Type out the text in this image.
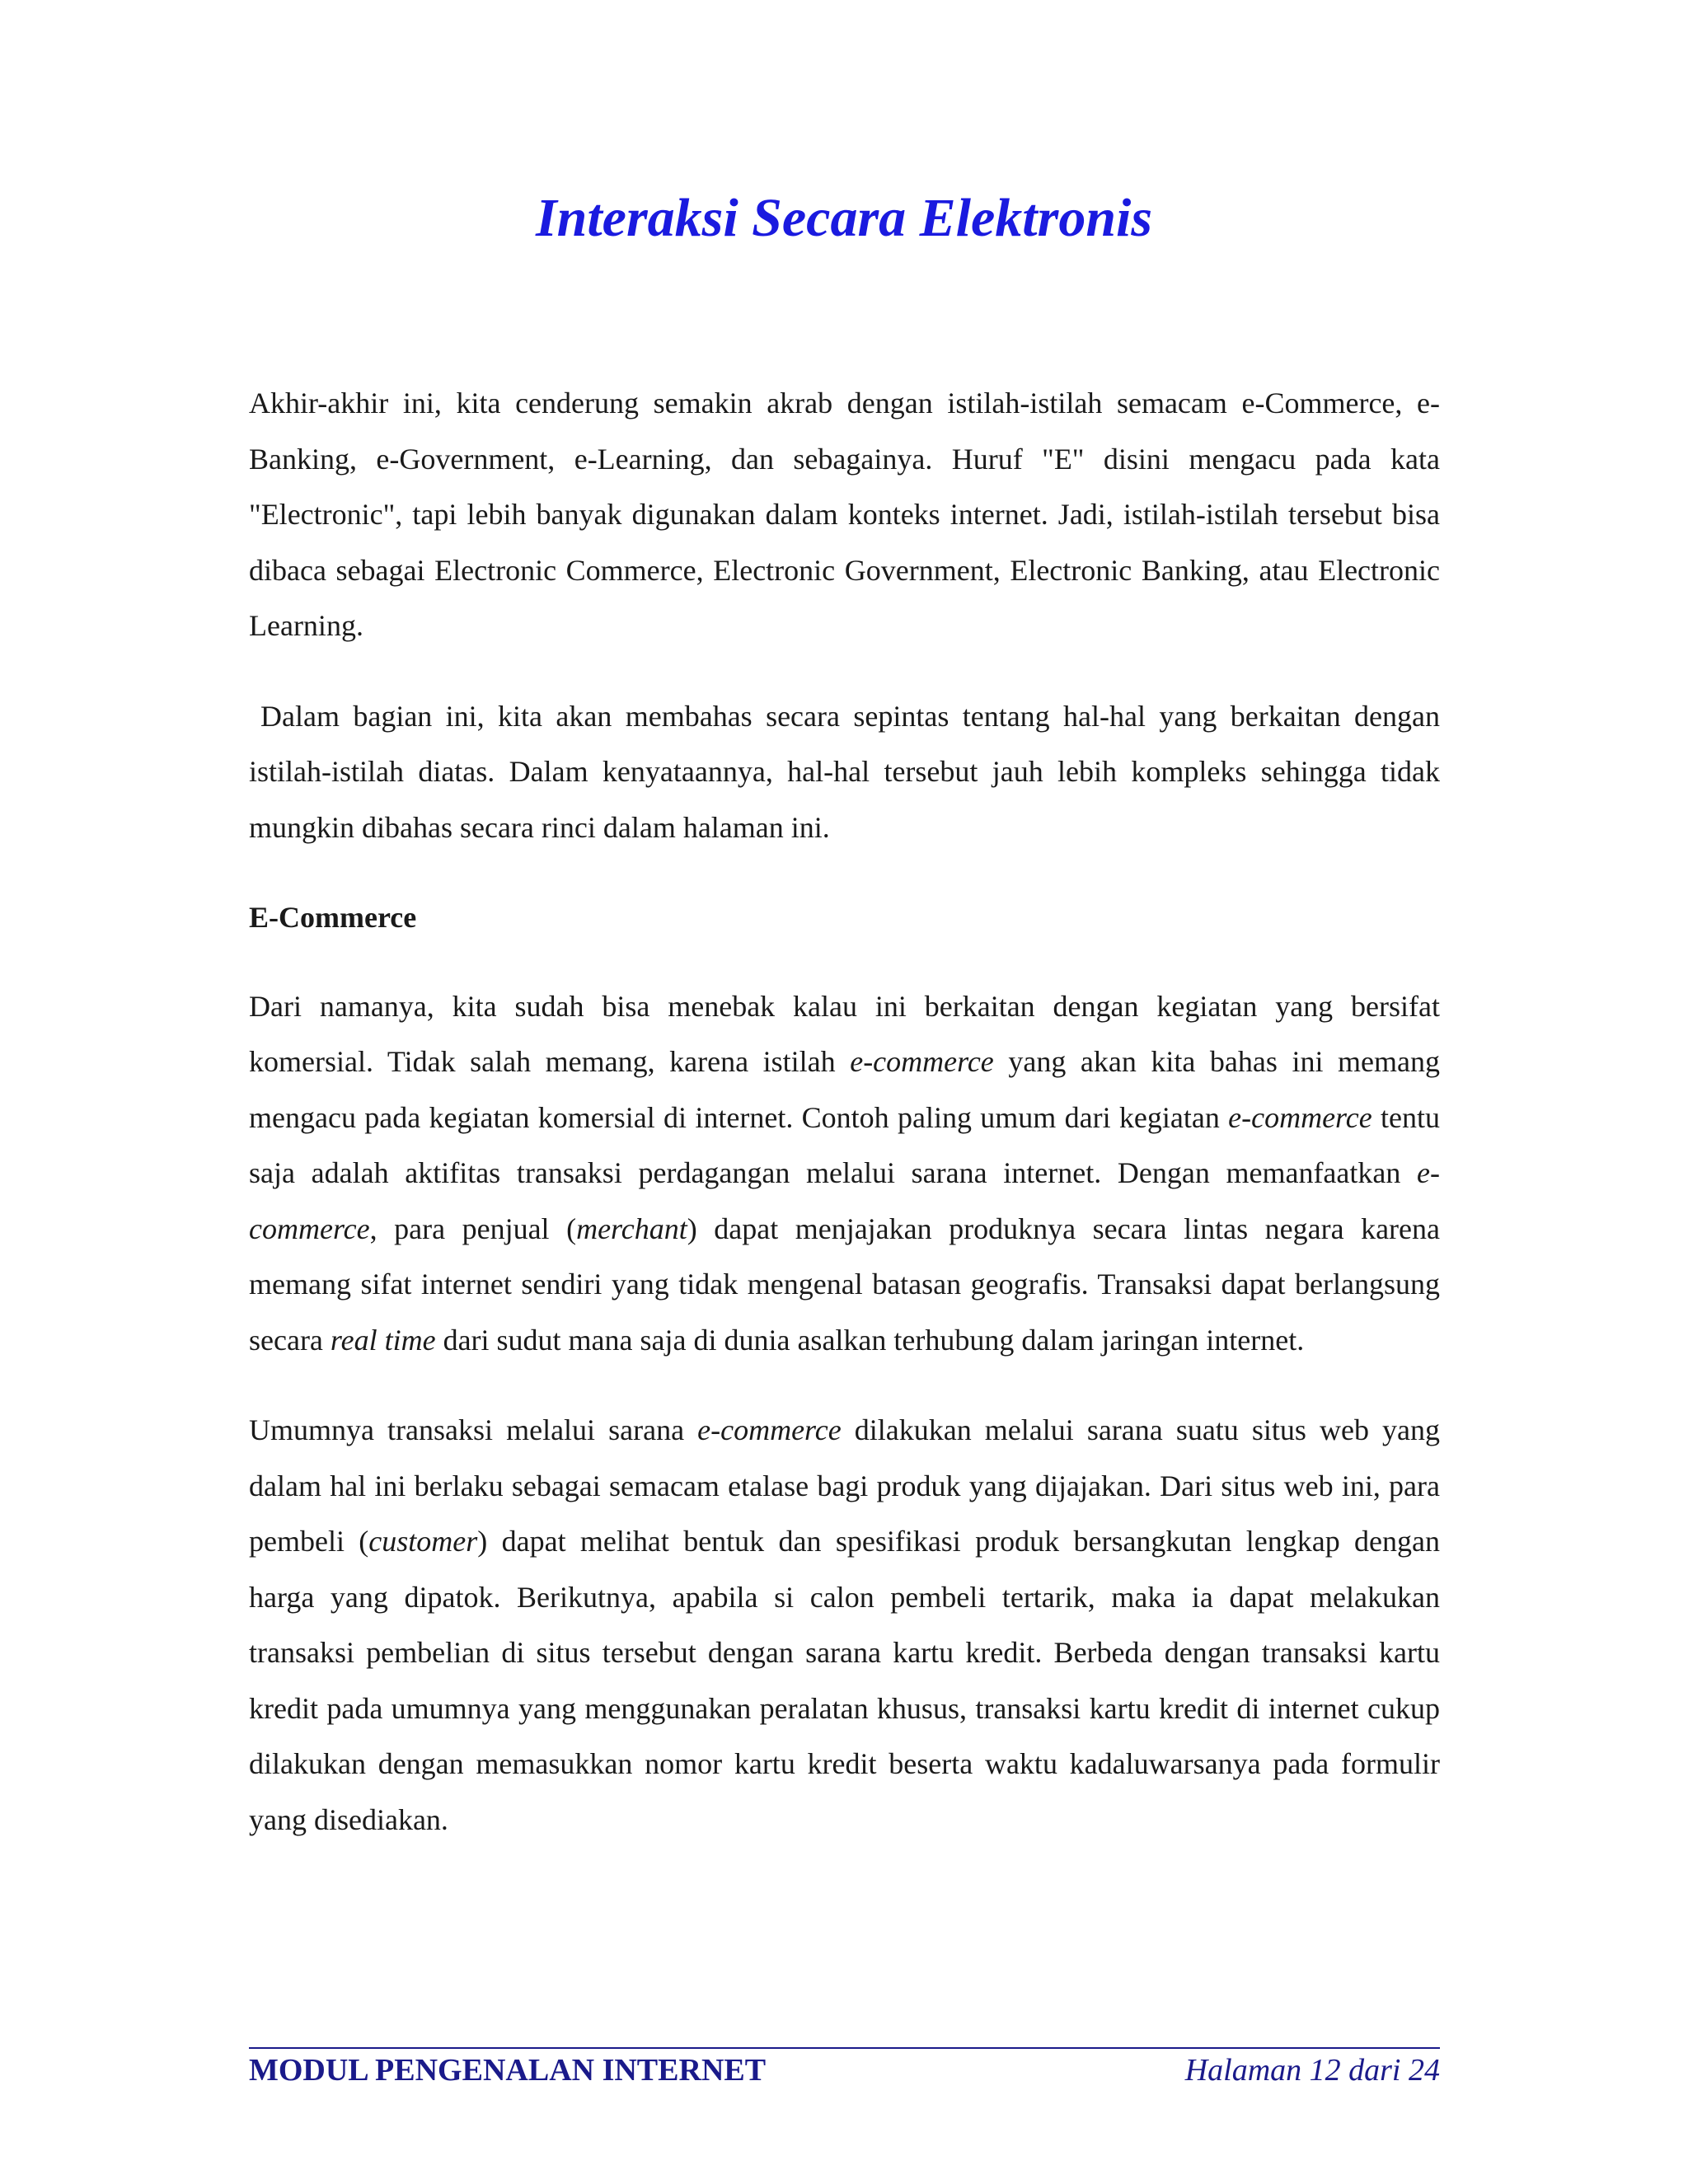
Interaksi Secara Elektronis

Akhir-akhir ini, kita cenderung semakin akrab dengan istilah-istilah semacam e-Commerce, e-Banking, e-Government, e-Learning, dan sebagainya. Huruf "E" disini mengacu pada kata "Electronic", tapi lebih banyak digunakan dalam konteks internet. Jadi, istilah-istilah tersebut bisa dibaca sebagai Electronic Commerce, Electronic Government, Electronic Banking, atau Electronic Learning.

Dalam bagian ini, kita akan membahas secara sepintas tentang hal-hal yang berkaitan dengan istilah-istilah diatas. Dalam kenyataannya, hal-hal tersebut jauh lebih kompleks sehingga tidak mungkin dibahas secara rinci dalam halaman ini.

E-Commerce

Dari namanya, kita sudah bisa menebak kalau ini berkaitan dengan kegiatan yang bersifat komersial. Tidak salah memang, karena istilah e-commerce yang akan kita bahas ini memang mengacu pada kegiatan komersial di internet. Contoh paling umum dari kegiatan e-commerce tentu saja adalah aktifitas transaksi perdagangan melalui sarana internet. Dengan memanfaatkan e-commerce, para penjual (merchant) dapat menjajakan produknya secara lintas negara karena memang sifat internet sendiri yang tidak mengenal batasan geografis. Transaksi dapat berlangsung secara real time dari sudut mana saja di dunia asalkan terhubung dalam jaringan internet.

Umumnya transaksi melalui sarana e-commerce dilakukan melalui sarana suatu situs web yang dalam hal ini berlaku sebagai semacam etalase bagi produk yang dijajakan. Dari situs web ini, para pembeli (customer) dapat melihat bentuk dan spesifikasi produk bersangkutan lengkap dengan harga yang dipatok. Berikutnya, apabila si calon pembeli tertarik, maka ia dapat melakukan transaksi pembelian di situs tersebut dengan sarana kartu kredit. Berbeda dengan transaksi kartu kredit pada umumnya yang menggunakan peralatan khusus, transaksi kartu kredit di internet cukup dilakukan dengan memasukkan nomor kartu kredit beserta waktu kadaluwarsanya pada formulir yang disediakan.

MODUL PENGENALAN INTERNET	Halaman 12 dari 24
